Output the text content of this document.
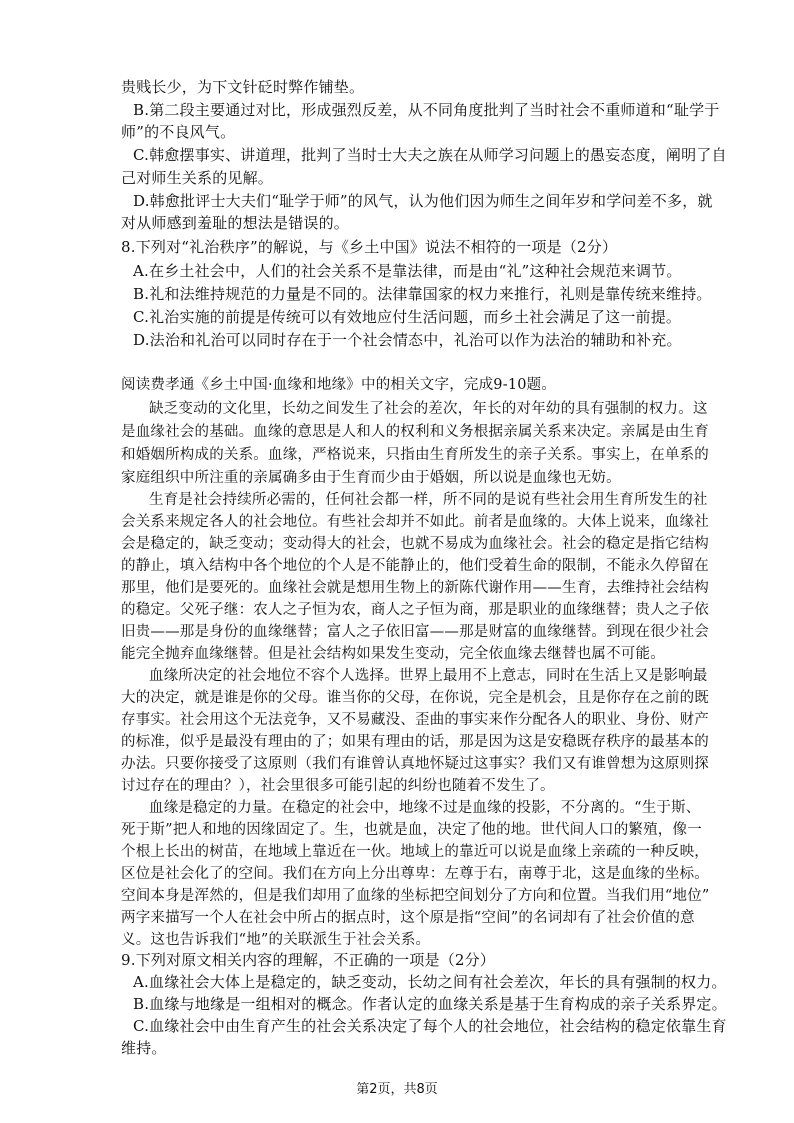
贵贱长少，为下文针砭时弊作铺垫。
B.第二段主要通过对比，形成强烈反差，从不同角度批判了当时社会不重师道和“耻学于
师”的不良风气。
C.韩愈摆事实、讲道理，批判了当时士大夫之族在从师学习问题上的愚妄态度，阐明了自
己对师生关系的见解。
D.韩愈批评士大夫们“耻学于师”的风气，认为他们因为师生之间年岁和学问差不多，就
对从师感到羞耻的想法是错误的。
8.下列对“礼治秩序”的解说，与《乡土中国》说法不相符的一项是（2分）
A.在乡土社会中，人们的社会关系不是靠法律，而是由“礼”这种社会规范来调节。
B.礼和法维持规范的力量是不同的。法律靠国家的权力来推行，礼则是靠传统来维持。
C.礼治实施的前提是传统可以有效地应付生活问题，而乡土社会满足了这一前提。
D.法治和礼治可以同时存在于一个社会情态中，礼治可以作为法治的辅助和补充。
阅读费孝通《乡土中国·血缘和地缘》中的相关文字，完成9-10题。
缺乏变动的文化里，长幼之间发生了社会的差次，年长的对年幼的具有强制的权力。这
是血缘社会的基础。血缘的意思是人和人的权利和义务根据亲属关系来决定。亲属是由生育
和婚姻所构成的关系。血缘，严格说来，只指由生育所发生的亲子关系。事实上，在单系的
家庭组织中所注重的亲属确多由于生育而少由于婚姻，所以说是血缘也无妨。
生育是社会持续所必需的，任何社会都一样，所不同的是说有些社会用生育所发生的社
会关系来规定各人的社会地位。有些社会却并不如此。前者是血缘的。大体上说来，血缘社
会是稳定的，缺乏变动；变动得大的社会，也就不易成为血缘社会。社会的稳定是指它结构
的静止，填入结构中各个地位的个人是不能静止的，他们受着生命的限制，不能永久停留在
那里，他们是要死的。血缘社会就是想用生物上的新陈代谢作用——生育，去维持社会结构
的稳定。父死子继：农人之子恒为农，商人之子恒为商，那是职业的血缘继替；贵人之子依
旧贵——那是身份的血缘继替；富人之子依旧富——那是财富的血缘继替。到现在很少社会
能完全抛弃血缘继替。但是社会结构如果发生变动，完全依血缘去继替也属不可能。
血缘所决定的社会地位不容个人选择。世界上最用不上意志，同时在生活上又是影响最
大的决定，就是谁是你的父母。谁当你的父母，在你说，完全是机会，且是你存在之前的既
存事实。社会用这个无法竞争，又不易藏没、歪曲的事实来作分配各人的职业、身份、财产
的标准，似乎是最没有理由的了；如果有理由的话，那是因为这是安稳既存秩序的最基本的
办法。只要你接受了这原则（我们有谁曾认真地怀疑过这事实？我们又有谁曾想为这原则探
讨过存在的理由？），社会里很多可能引起的纠纷也随着不发生了。
血缘是稳定的力量。在稳定的社会中，地缘不过是血缘的投影，不分离的。“生于斯、
死于斯”把人和地的因缘固定了。生，也就是血，决定了他的地。世代间人口的繁殖，像一
个根上长出的树苗，在地域上靠近在一伙。地域上的靠近可以说是血缘上亲疏的一种反映，
区位是社会化了的空间。我们在方向上分出尊卑：左尊于右，南尊于北，这是血缘的坐标。
空间本身是浑然的，但是我们却用了血缘的坐标把空间划分了方向和位置。当我们用“地位”
两字来描写一个人在社会中所占的据点时，这个原是指“空间”的名词却有了社会价值的意
义。这也告诉我们“地”的关联派生于社会关系。
9.下列对原文相关内容的理解，不正确的一项是（2分）
A.血缘社会大体上是稳定的，缺乏变动，长幼之间有社会差次，年长的具有强制的权力。
B.血缘与地缘是一组相对的概念。作者认定的血缘关系是基于生育构成的亲子关系界定。
C.血缘社会中由生育产生的社会关系决定了每个人的社会地位，社会结构的稳定依靠生育
维持。
第2页，共8页
